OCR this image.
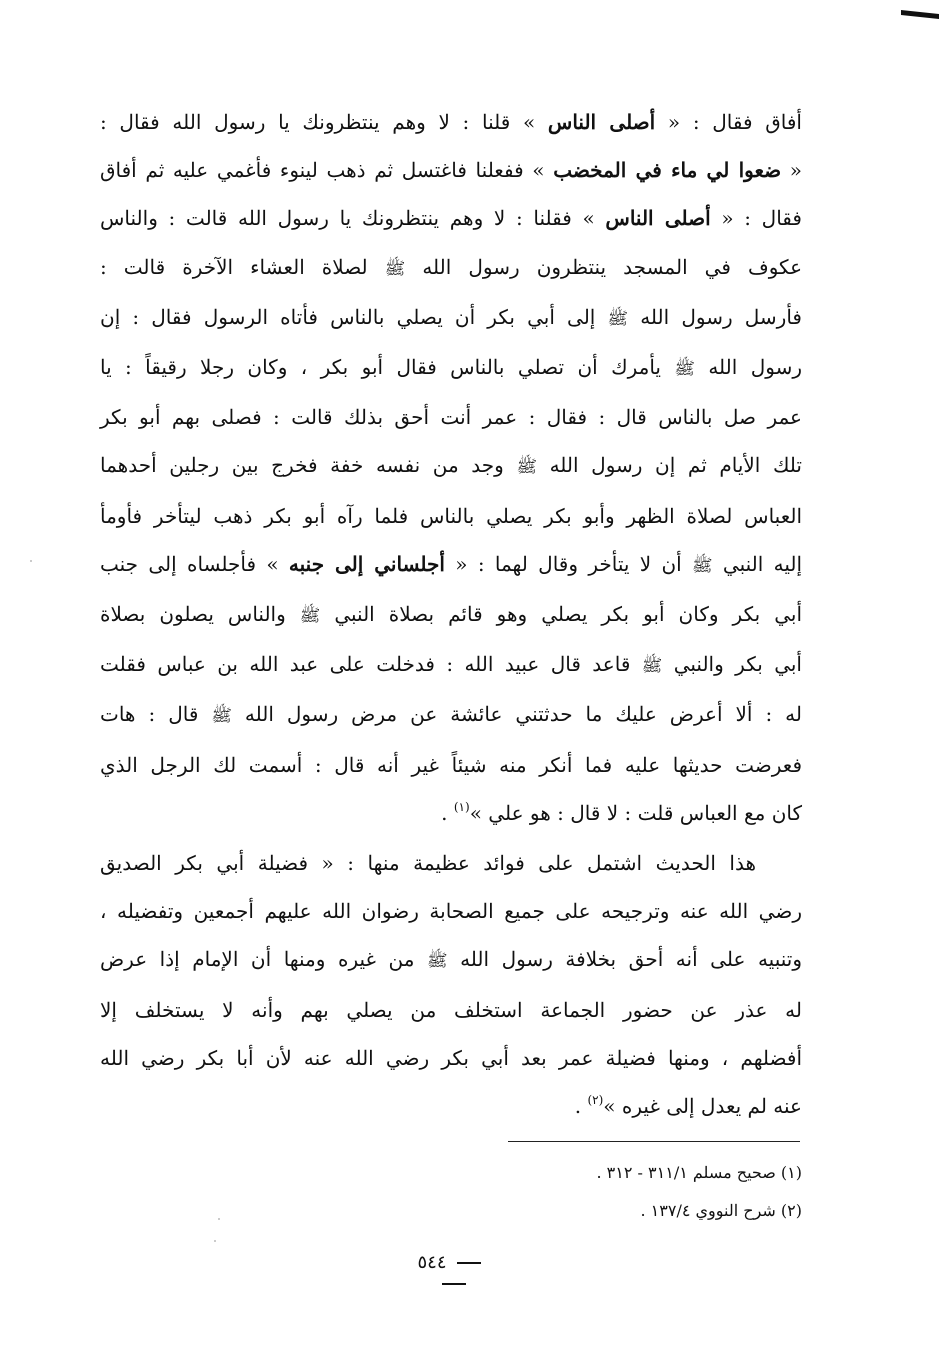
أفاق فقال : « أصلى الناس » قلنا : لا وهم ينتظرونك يا رسول الله فقال :

« ضعوا لي ماء في المخضب » ففعلنا فاغتسل ثم ذهب لينوء فأغمي عليه ثم أفاق

فقال : « أصلى الناس » فقلنا : لا وهم ينتظرونك يا رسول الله قالت : والناس

عكوف في المسجد ينتظرون رسول الله ﷺ لصلاة العشاء الآخرة قالت :

فأرسل رسول الله ﷺ إلى أبي بكر أن يصلي بالناس فأتاه الرسول فقال : إن

رسول الله ﷺ يأمرك أن تصلي بالناس فقال أبو بكر ، وكان رجلا رقيقاً : يا

عمر صل بالناس قال : فقال : عمر أنت أحق بذلك قالت : فصلى بهم أبو بكر

تلك الأيام ثم إن رسول الله ﷺ وجد من نفسه خفة فخرج بين رجلين أحدهما

العباس لصلاة الظهر وأبو بكر يصلي بالناس فلما رآه أبو بكر ذهب ليتأخر فأومأ

إليه النبي ﷺ أن لا يتأخر وقال لهما : « أجلساني إلى جنبه » فأجلساه إلى جنب

أبي بكر وكان أبو بكر يصلي وهو قائم بصلاة النبي ﷺ والناس يصلون بصلاة

أبي بكر والنبي ﷺ قاعد قال عبيد الله : فدخلت على عبد الله بن عباس فقلت

له : ألا أعرض عليك ما حدثتني عائشة عن مرض رسول الله ﷺ قال : هات

فعرضت حديثها عليه فما أنكر منه شيئاً غير أنه قال : أسمت لك الرجل الذي

كان مع العباس قلت : لا قال : هو علي »$^{(١)}$ .

هذا الحديث اشتمل على فوائد عظيمة منها : « فضيلة أبي بكر الصديق

رضي الله عنه وترجيحه على جميع الصحابة رضوان الله عليهم أجمعين وتفضيله ،

وتنبيه على أنه أحق بخلافة رسول الله ﷺ من غيره ومنها أن الإمام إذا عرض

له عذر عن حضور الجماعة استخلف من يصلي بهم وأنه لا يستخلف إلا

أفضلهم ، ومنها فضيلة عمر بعد أبي بكر رضي الله عنه لأن أبا بكر رضي الله

عنه لم يعدل إلى غيره »$^{(٢)}$ .

(١) صحيح مسلم ٣١١/١ - ٣١٢ .

(٢) شرح النووي ١٣٧/٤ .

٥٤٤
